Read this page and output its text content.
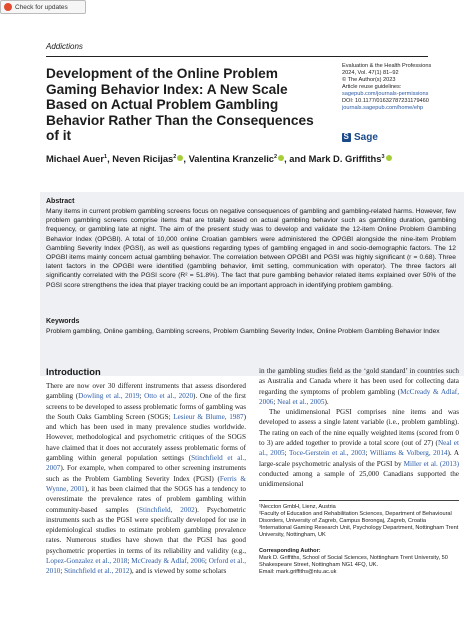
Check for updates
Addictions
Development of the Online Problem Gaming Behavior Index: A New Scale Based on Actual Problem Gambling Behavior Rather Than the Consequences of it
Evaluation & the Health Professions
2024, Vol. 47(1) 81–92
© The Author(s) 2023
Article reuse guidelines:
sagepub.com/journals-permissions
DOI: 10.1177/01632787231179460
journals.sagepub.com/home/ehp
S
Sage
Michael Auer$^1$, Neven Ricijas$^2$ , Valentina Kranzelic$^2$ , and Mark D. Griffiths$^3$
Abstract
Many items in current problem gambling screens focus on negative consequences of gambling and gambling-related harms. However, few problem gambling screens comprise items that are totally based on actual gambling behavior such as gambling duration, gambling frequency, or gambling late at night. The aim of the present study was to develop and validate the 12-item Online Problem Gambling Behavior Index (OPGBI). A total of 10,000 online Croatian gamblers were administered the OPGBI alongside the nine-item Problem Gambling Severity Index (PGSI), as well as questions regarding types of gambling engaged in and socio-demographic factors. The 12 OPGBI items mainly concern actual gambling behavior. The correlation between OPGBI and PGSI was highly significant (r = 0.68). Three latent factors in the OPGBI were identified (gambling behavior, limit setting, communication with operator). The three factors all significantly correlated with the PGSI score (R² = 51.8%). The fact that pure gambling behavior related items explained over 50% of the PGSI score strengthens the idea that player tracking could be an important approach in identifying problem gambling.
Keywords
Problem gambling, Online gambling, Gambling screens, Problem Gambling Severity Index, Online Problem Gambling Behavior Index
Introduction
There are now over 30 different instruments that assess disordered gambling (Dowling et al., 2019; Otto et al., 2020). One of the first screens to be developed to assess problematic forms of gambling was the South Oaks Gambling Screen (SOGS; Lesieur & Blume, 1987) and which has been used in many prevalence studies worldwide. However, methodological and psychometric critiques of the SOGS have claimed that it does not accurately assess problematic forms of gambling within general population settings (Stinchfield et al., 2007). For example, when compared to other screening instruments such as the Problem Gambling Severity Index (PGSI) (Ferris & Wynne, 2001), it has been claimed that the SOGS has a tendency to overestimate the prevalence rates of problem gambling within community-based samples (Stinchfield, 2002). Psychometric instruments such as the PGSI were specifically developed for use in epidemiological studies to estimate problem gambling prevalence rates. Numerous studies have shown that the PGSI has good psychometric properties in terms of its reliability and validity (e.g., Lopez-Gonzalez et al., 2018; McCready & Adlaf, 2006; Orford et al., 2010; Stinchfield et al., 2012), and is viewed by some scholars
in the gambling studies field as the ‘gold standard’ in countries such as Australia and Canada where it has been used for collecting data regarding the symptoms of problem gambling (McCready & Adlaf, 2006; Neal et al., 2005).
The unidimensional PGSI comprises nine items and was developed to assess a single latent variable (i.e., problem gambling). The rating on each of the nine equally weighted items (scored from 0 to 3) are added together to provide a total score (out of 27) (Neal et al., 2005; Toce-Gerstein et al., 2003; Williams & Volberg, 2014). A large-scale psychometric analysis of the PGSI by Miller et al. (2013) conducted among a sample of 25,000 Canadians supported the unidimensional
¹Neccton GmbH, Lienz, Austria
²Faculty of Education and Rehabilitation Sciences, Department of Behavioural Disorders, University of Zagreb, Campus Borongaj, Zagreb, Croatia
³International Gaming Research Unit, Psychology Department, Nottingham Trent University, Nottingham, UK
Corresponding Author:
Mark D. Griffiths, School of Social Sciences, Nottingham Trent University, 50 Shakespeare Street, Nottingham NG1 4FQ, UK.
Email: mark.griffiths@ntu.ac.uk
